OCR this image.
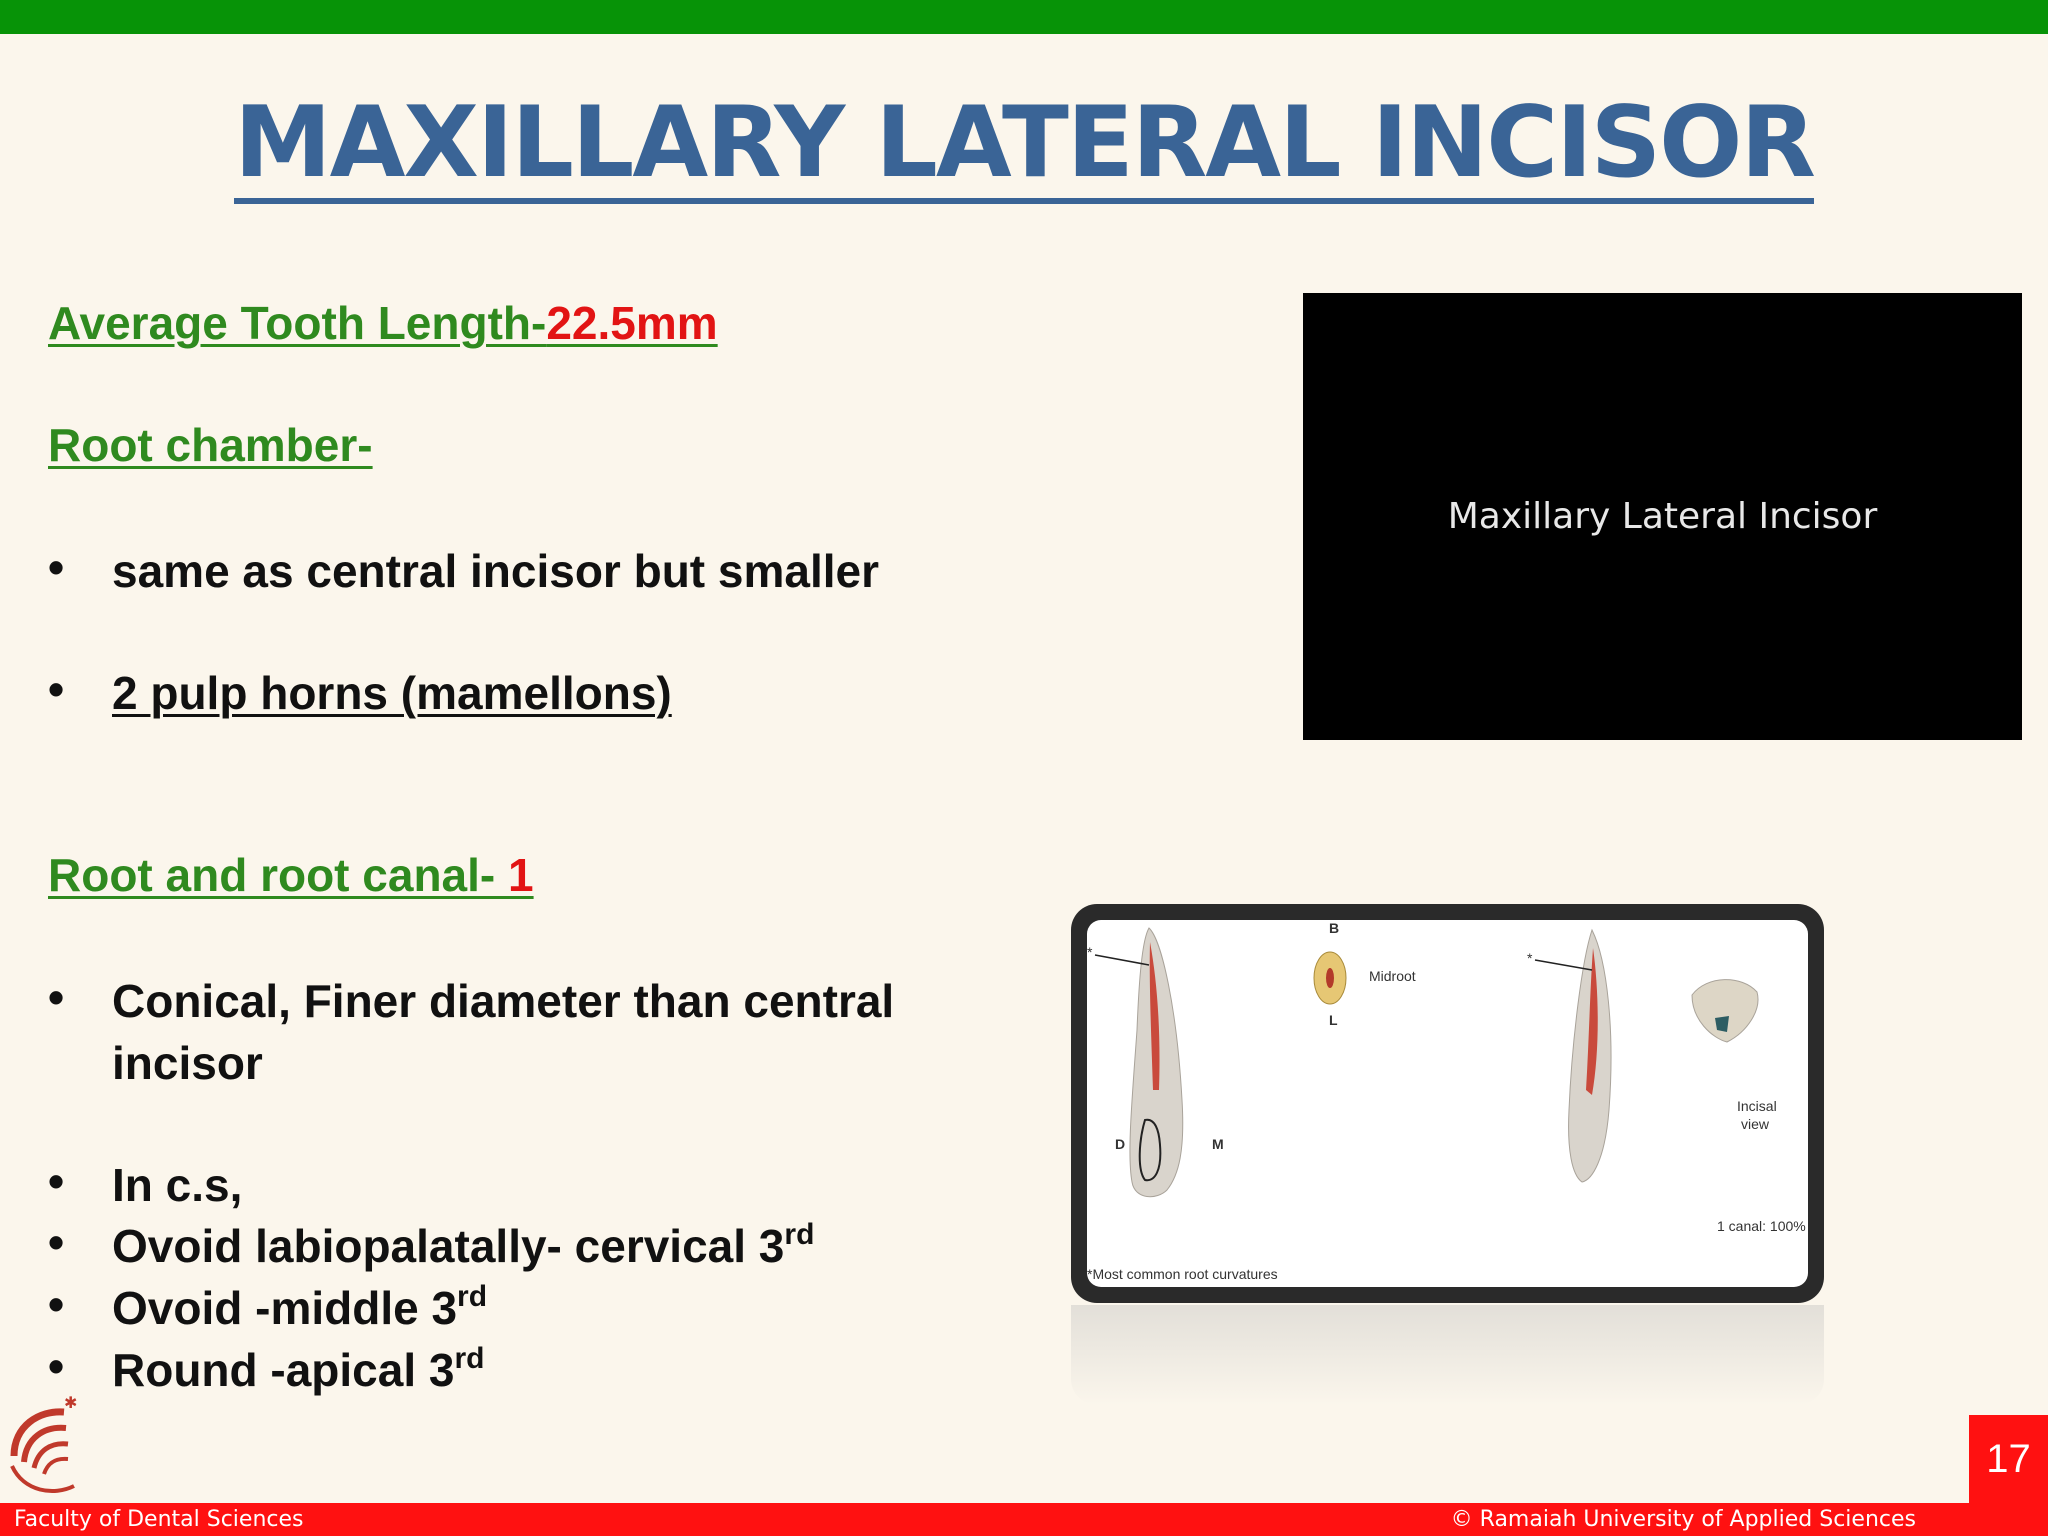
MAXILLARY LATERAL INCISOR
Average Tooth Length-22.5mm
Root chamber-
•	same as central incisor but smaller
•	2 pulp horns (mamellons)
Root and root canal- 1
•	Conical, Finer diameter than central
incisor
•	In c.s,
•	Ovoid labiopalatally- cervical 3rd
•	Ovoid -middle 3rd
•	Round -apical 3rd
Maxillary Lateral Incisor
B
L
Midroot
D	M
*	*
Incisal
view
1 canal: 100%
*Most common root curvatures
✱
17
Faculty of Dental Sciences	© Ramaiah University of Applied Sciences
